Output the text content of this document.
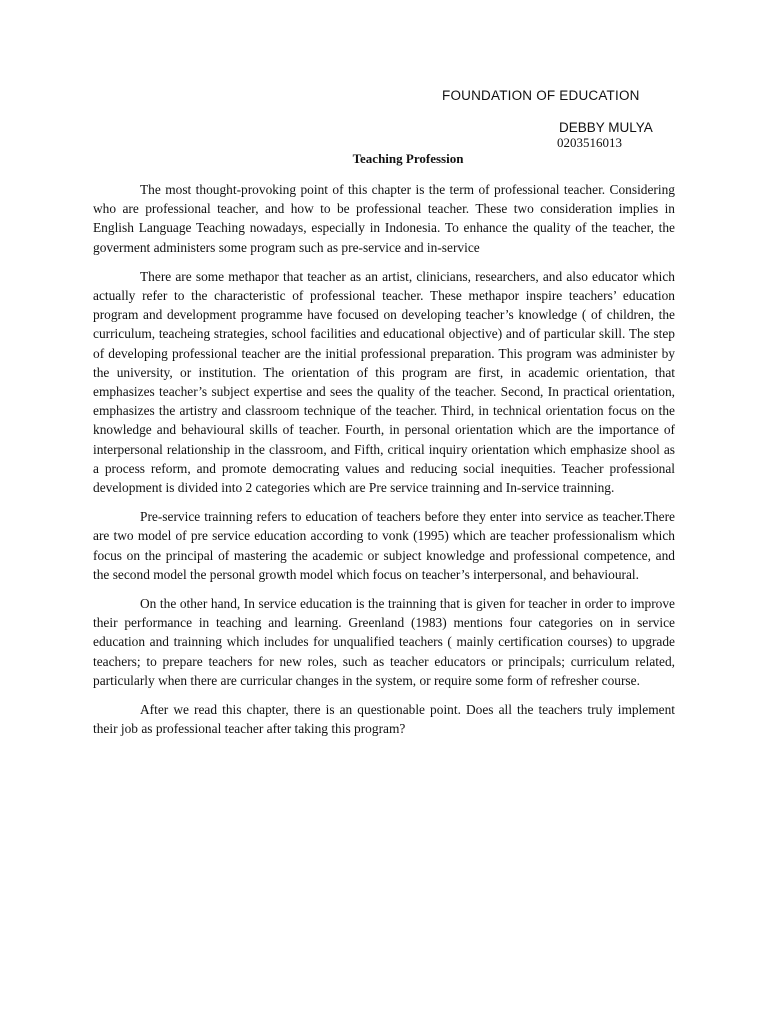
FOUNDATION OF EDUCATION
DEBBY MULYA
0203516013
Teaching Profession

The most thought-provoking point of this chapter is the term of professional teacher. Considering who are professional teacher, and how to be professional teacher. These two consideration implies in English Language Teaching nowadays, especially in Indonesia. To enhance the quality of the teacher, the goverment administers some program such as pre-service and in-service

There are some methapor that teacher as an artist, clinicians, researchers, and also educator which actually refer to the characteristic of professional teacher. These methapor inspire teachers’ education program and development programme have focused on developing teacher’s knowledge ( of children, the curriculum, teacheing strategies, school facilities and educational objective) and of particular skill. The step of developing professional teacher are the initial professional preparation. This program was administer by the university, or institution. The orientation of this program are first, in academic orientation, that emphasizes teacher’s subject expertise and sees the quality of the teacher. Second, In practical orientation, emphasizes the artistry and classroom technique of the teacher. Third, in technical orientation focus on the knowledge and behavioural skills of teacher. Fourth, in personal orientation which are the importance of interpersonal relationship in the classroom, and Fifth, critical inquiry orientation which emphasize shool as a process reform, and promote democrating values and reducing social inequities. Teacher professional development is divided into 2 categories which are Pre service trainning and In-service trainning.

Pre-service trainning refers to education of teachers before they enter into service as teacher.There are two model of pre service education according to vonk (1995) which are teacher professionalism which focus on the principal of mastering the academic or subject knowledge and professional competence, and the second model the personal growth model which focus on teacher’s interpersonal, and behavioural.

On the other hand, In service education is the trainning that is given for teacher in order to improve their performance in teaching and learning. Greenland (1983) mentions four categories on in service education and trainning which includes for unqualified teachers ( mainly certification courses) to upgrade teachers; to prepare teachers for new roles, such as teacher educators or principals; curriculum related, particularly when there are curricular changes in the system, or require some form of refresher course.

After we read this chapter, there is an questionable point. Does all the teachers truly implement their job as professional teacher after taking this program?
